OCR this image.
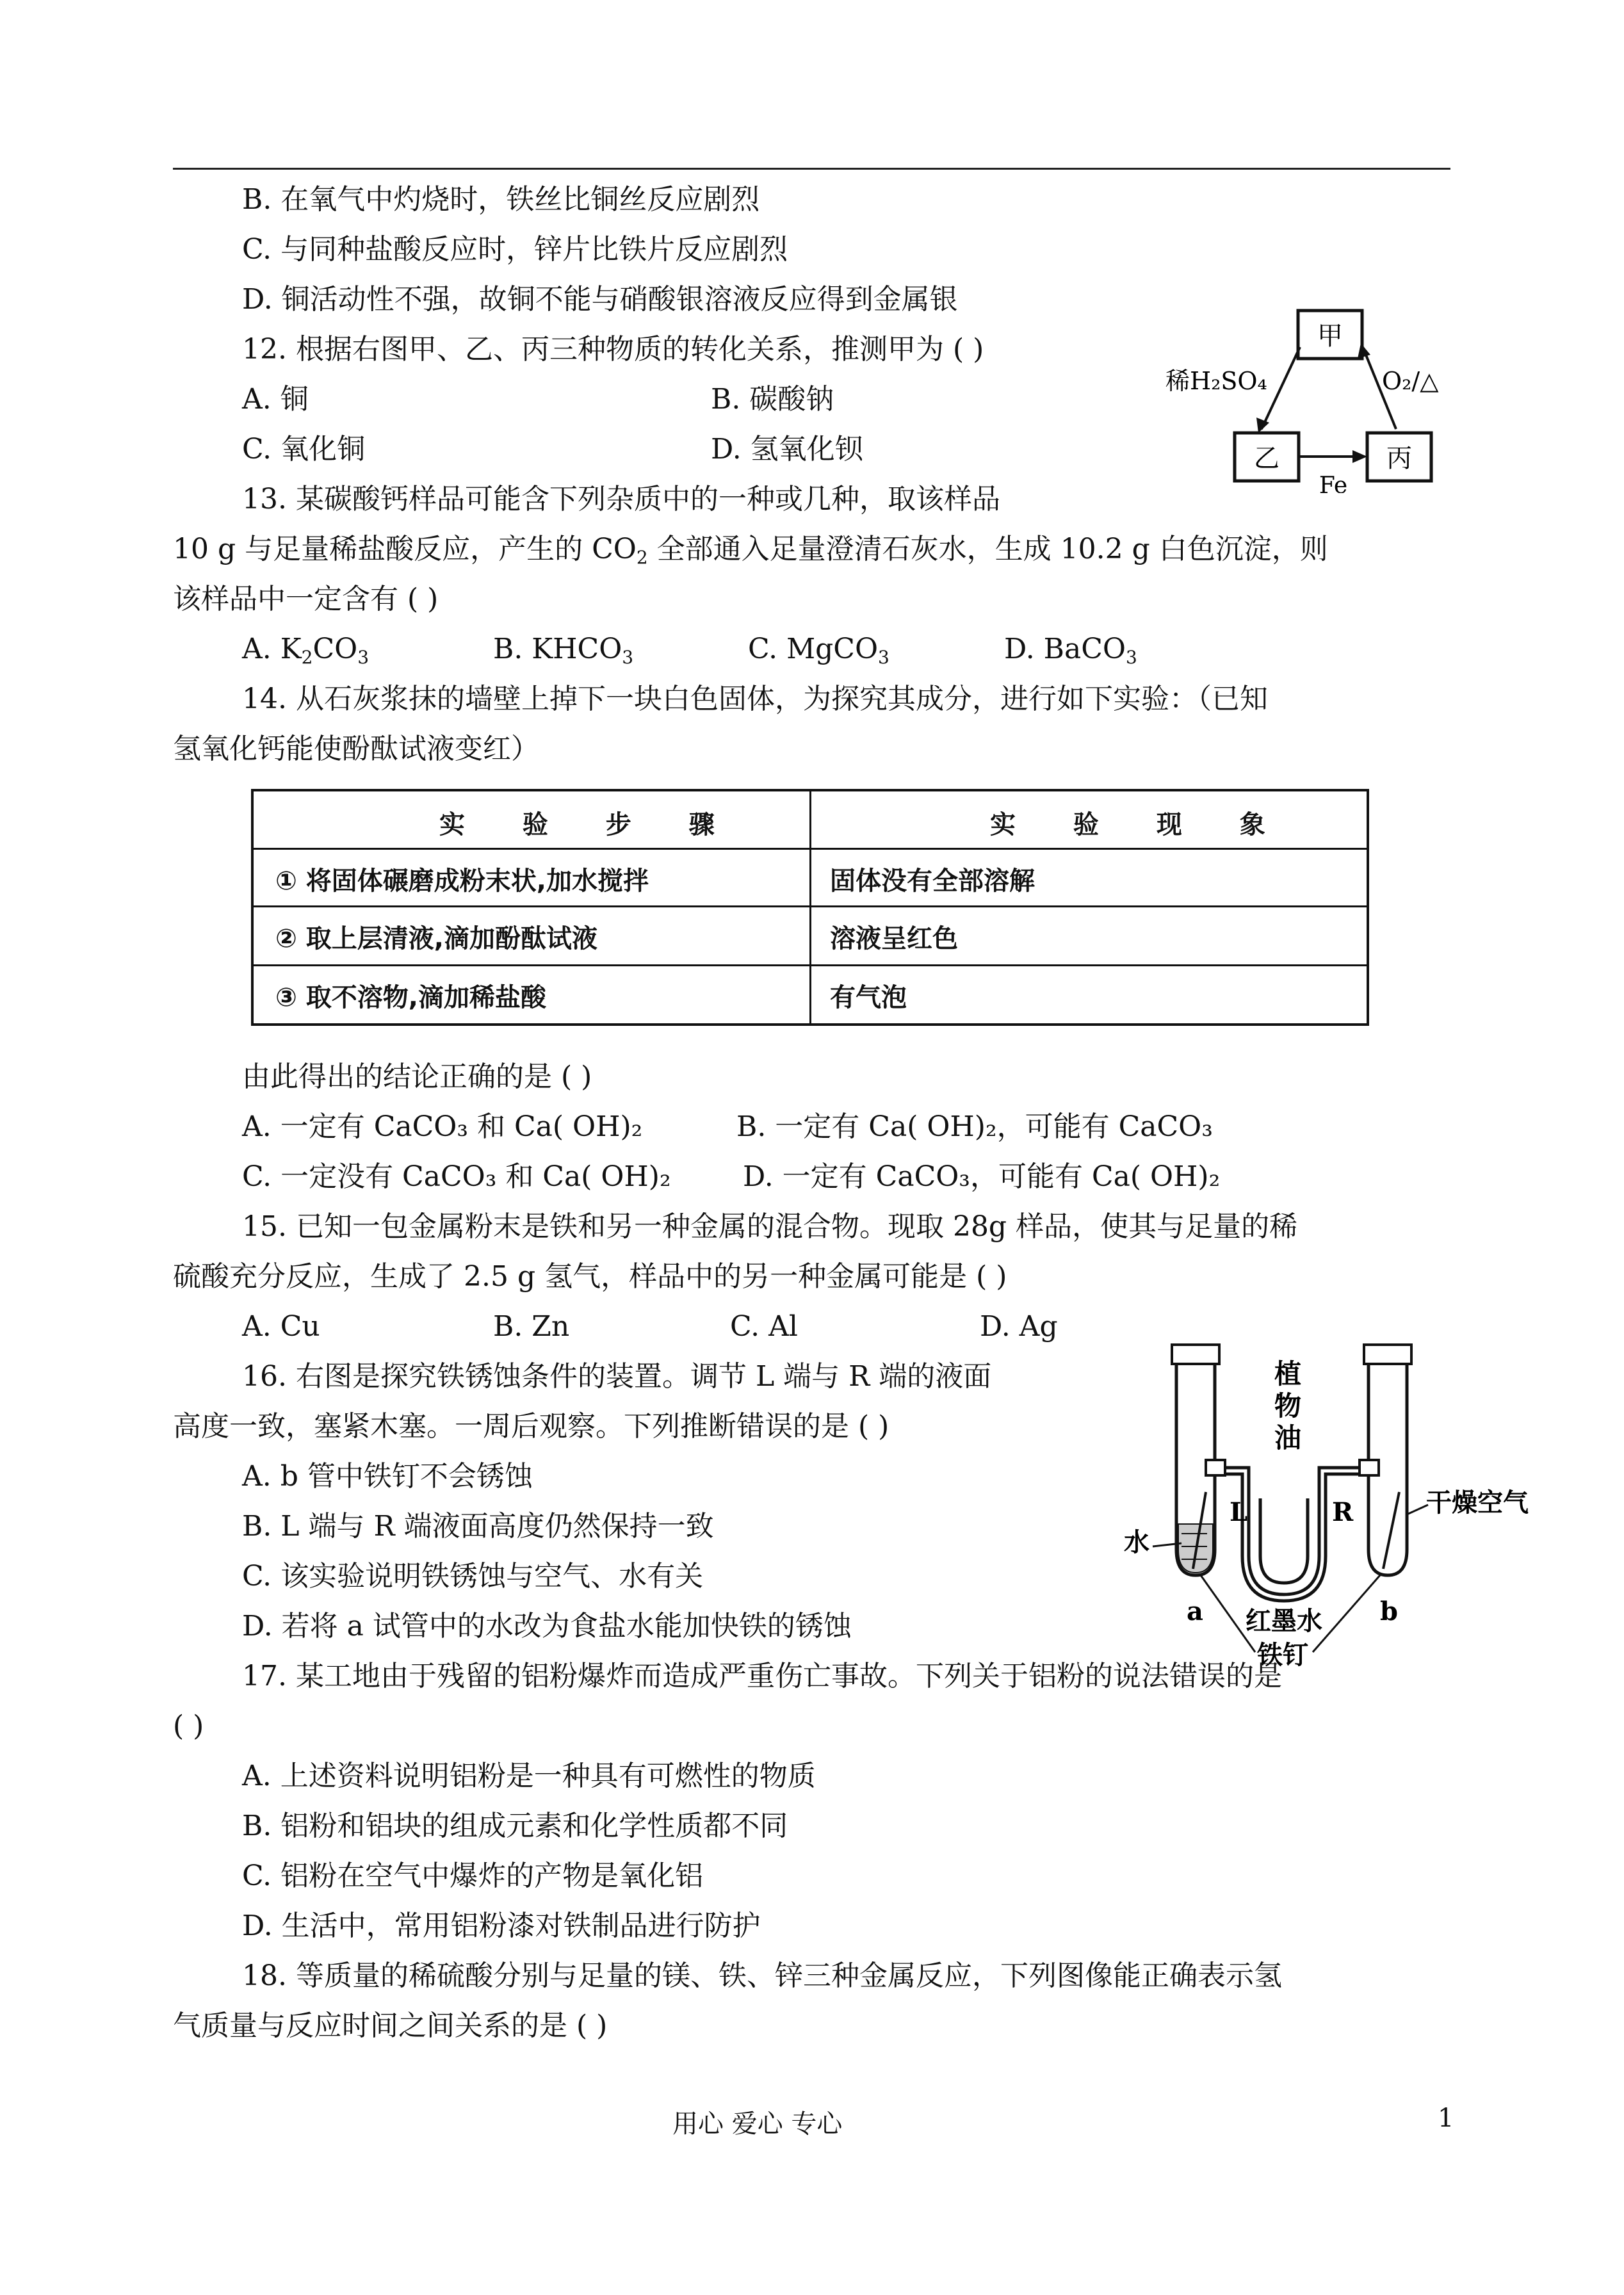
B. 在氧气中灼烧时，铁丝比铜丝反应剧烈
C. 与同种盐酸反应时，锌片比铁片反应剧烈
D. 铜活动性不强，故铜不能与硝酸银溶液反应得到金属银
12. 根据右图甲、乙、丙三种物质的转化关系，推测甲为 ( )
A. 铜	B. 碳酸钠
C. 氧化铜	D. 氢氧化钡
甲
乙	丙
稀H₂SO₄	O₂/△
Fe
13. 某碳酸钙样品可能含下列杂质中的一种或几种，取该样品
10 g 与足量稀盐酸反应，产生的 $CO_2$ 全部通入足量澄清石灰水，生成 10.2 g 白色沉淀，则
该样品中一定含有 ( )
A. $K_2CO_3$	B. $KHCO_3$	C. MgCO$_3$	D. BaCO$_3$
14. 从石灰浆抹的墙壁上掉下一块白色固体，为探究其成分，进行如下实验：（已知
氢氧化钙能使酚酞试液变红）
实 验 步 骤	实 验 现 象
① 将固体碾磨成粉末状,加水搅拌	固体没有全部溶解
② 取上层清液,滴加酚酞试液	溶液呈红色
③ 取不溶物,滴加稀盐酸	有气泡
由此得出的结论正确的是 ( )
A. 一定有 CaCO₃ 和 Ca( OH)₂	B. 一定有 Ca( OH)₂，可能有 CaCO₃
C. 一定没有 CaCO₃ 和 Ca( OH)₂	D. 一定有 CaCO₃，可能有 Ca( OH)₂
15. 已知一包金属粉末是铁和另一种金属的混合物。现取 28g 样品，使其与足量的稀
硫酸充分反应，生成了 2.5 g 氢气，样品中的另一种金属可能是 ( )
A. Cu	B. Zn	C. Al	D. Ag
16. 右图是探究铁锈蚀条件的装置。调节 L 端与 R 端的液面
高度一致，塞紧木塞。一周后观察。下列推断错误的是 ( )
A. b 管中铁钉不会锈蚀
B. L 端与 R 端液面高度仍然保持一致
C. 该实验说明铁锈蚀与空气、水有关
D. 若将 a 试管中的水改为食盐水能加快铁的锈蚀
植
物
油
L	R	干燥空气
水
红墨水
a	b
铁钉
17. 某工地由于残留的铝粉爆炸而造成严重伤亡事故。下列关于铝粉的说法错误的是
( )
A. 上述资料说明铝粉是一种具有可燃性的物质
B. 铝粉和铝块的组成元素和化学性质都不同
C. 铝粉在空气中爆炸的产物是氧化铝
D. 生活中，常用铝粉漆对铁制品进行防护
18. 等质量的稀硫酸分别与足量的镁、铁、锌三种金属反应，下列图像能正确表示氢
气质量与反应时间之间关系的是 ( )
用心 爱心 专心	1
